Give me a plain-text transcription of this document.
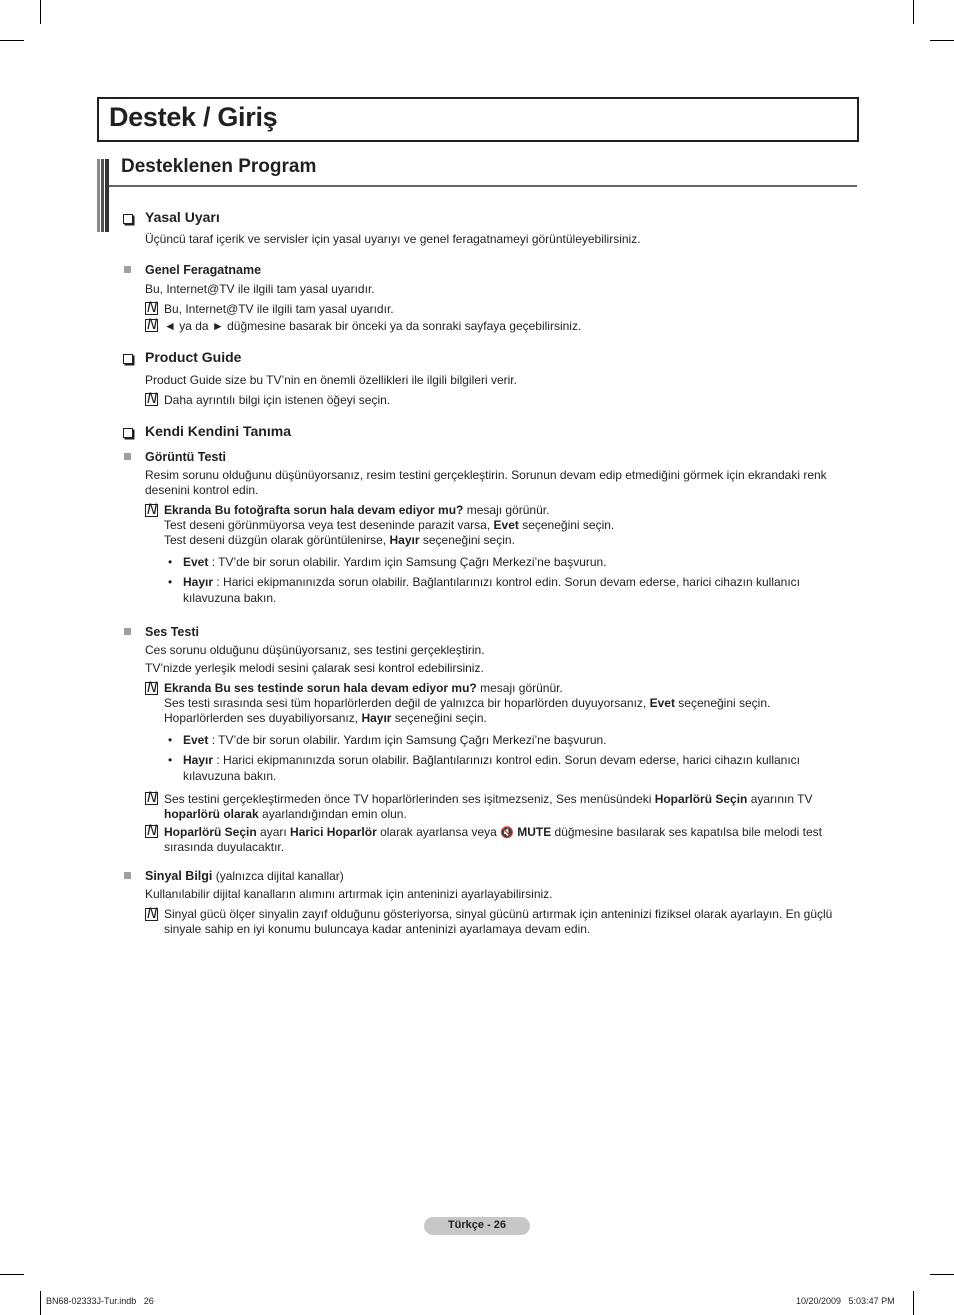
Destek / Giriş
Desteklenen Program
Yasal Uyarı
Üçüncü taraf içerik ve servisler için yasal uyarıyı ve genel feragatnameyi görüntüleyebilirsiniz.
Genel Feragatname
Bu, Internet@TV ile ilgili tam yasal uyarıdır.
N Bu, Internet@TV ile ilgili tam yasal uyarıdır.
N ◄ ya da ► düğmesine basarak bir önceki ya da sonraki sayfaya geçebilirsiniz.
Product Guide
Product Guide size bu TV’nin en önemli özellikleri ile ilgili bilgileri verir.
N Daha ayrıntılı bilgi için istenen öğeyi seçin.
Kendi Kendini Tanıma
Görüntü Testi
Resim sorunu olduğunu düşünüyorsanız, resim testini gerçekleştirin. Sorunun devam edip etmediğini görmek için ekrandaki renk
desenini kontrol edin.
N Ekranda Bu fotoğrafta sorun hala devam ediyor mu? mesajı görünür.
Test deseni görünmüyorsa veya test deseninde parazit varsa, Evet seçeneğini seçin.
Test deseni düzgün olarak görüntülenirse, Hayır seçeneğini seçin.
• Evet : TV’de bir sorun olabilir. Yardım için Samsung Çağrı Merkezi’ne başvurun.
• Hayır : Harici ekipmanınızda sorun olabilir. Bağlantılarınızı kontrol edin. Sorun devam ederse, harici cihazın kullanıcı
kılavuzuna bakın.
Ses Testi
Ces sorunu olduğunu düşünüyorsanız, ses testini gerçekleştirin.
TV’nizde yerleşik melodi sesini çalarak sesi kontrol edebilirsiniz.
N Ekranda Bu ses testinde sorun hala devam ediyor mu? mesajı görünür.
Ses testi sırasında sesi tüm hoparlörlerden değil de yalnızca bir hoparlörden duyuyorsanız, Evet seçeneğini seçin.
Hoparlörlerden ses duyabiliyorsanız, Hayır seçeneğini seçin.
• Evet : TV’de bir sorun olabilir. Yardım için Samsung Çağrı Merkezi’ne başvurun.
• Hayır : Harici ekipmanınızda sorun olabilir. Bağlantılarınızı kontrol edin. Sorun devam ederse, harici cihazın kullanıcı
kılavuzuna bakın.
N Ses testini gerçekleştirmeden önce TV hoparlörlerinden ses işitmezseniz, Ses menüsündeki Hoparlörü Seçin ayarının TV
hoparlörü olarak ayarlandığından emin olun.
N Hoparlörü Seçin ayarı Harici Hoparlör olarak ayarlansa veya 🔇 MUTE düğmesine basılarak ses kapatılsa bile melodi test
sırasında duyulacaktır.
Sinyal Bilgi (yalnızca dijital kanallar)
Kullanılabilir dijital kanalların alımını artırmak için anteninizi ayarlayabilirsiniz.
N Sinyal gücü ölçer sinyalin zayıf olduğunu gösteriyorsa, sinyal gücünü artırmak için anteninizi fiziksel olarak ayarlayın. En güçlü
sinyale sahip en iyi konumu buluncaya kadar anteninizi ayarlamaya devam edin.
Türkçe - 26
BN68-02333J-Tur.indb   26	10/20/2009   5:03:47 PM
